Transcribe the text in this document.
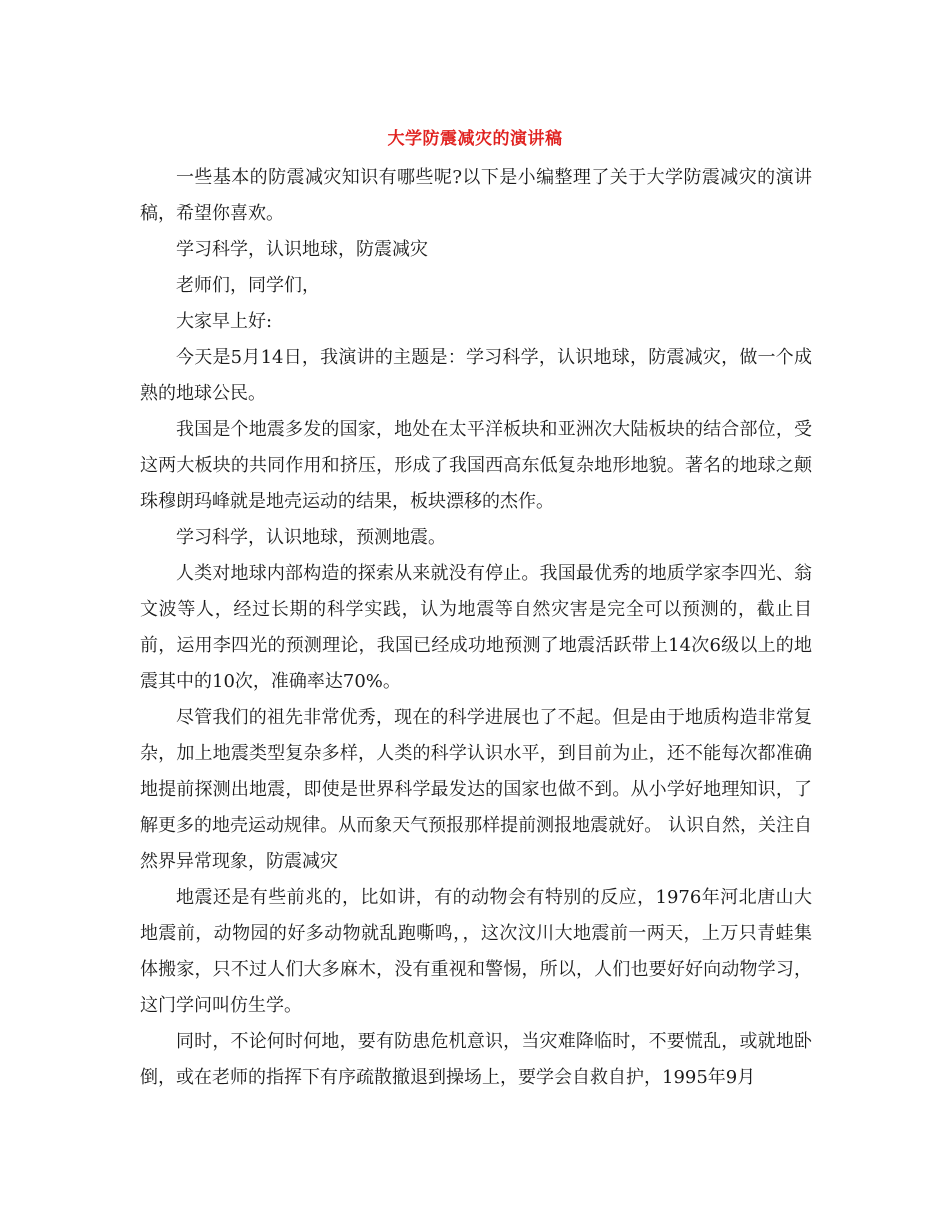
大学防震减灾的演讲稿

一些基本的防震减灾知识有哪些呢?以下是小编整理了关于大学防震减灾的演讲稿，希望你喜欢。

学习科学，认识地球，防震减灾

老师们，同学们，

大家早上好:

今天是5月14日，我演讲的主题是：学习科学，认识地球，防震减灾，做一个成熟的地球公民。

我国是个地震多发的国家，地处在太平洋板块和亚洲次大陆板块的结合部位，受这两大板块的共同作用和挤压，形成了我国西高东低复杂地形地貌。著名的地球之颠珠穆朗玛峰就是地壳运动的结果，板块漂移的杰作。

学习科学，认识地球，预测地震。

人类对地球内部构造的探索从来就没有停止。我国最优秀的地质学家李四光、翁文波等人，经过长期的科学实践，认为地震等自然灾害是完全可以预测的，截止目前，运用李四光的预测理论，我国已经成功地预测了地震活跃带上14次6级以上的地震其中的10次，准确率达70%。

尽管我们的祖先非常优秀，现在的科学进展也了不起。但是由于地质构造非常复杂，加上地震类型复杂多样，人类的科学认识水平，到目前为止，还不能每次都准确地提前探测出地震，即使是世界科学最发达的国家也做不到。从小学好地理知识，了解更多的地壳运动规律。从而象天气预报那样提前测报地震就好。 认识自然，关注自然界异常现象，防震减灾

地震还是有些前兆的，比如讲，有的动物会有特别的反应，1976年河北唐山大地震前，动物园的好多动物就乱跑嘶鸣，，这次汶川大地震前一两天，上万只青蛙集体搬家，只不过人们大多麻木，没有重视和警惕，所以，人们也要好好向动物学习，这门学问叫仿生学。

同时，不论何时何地，要有防患危机意识，当灾难降临时，不要慌乱，或就地卧倒，或在老师的指挥下有序疏散撤退到操场上，要学会自救自护，1995年9月
